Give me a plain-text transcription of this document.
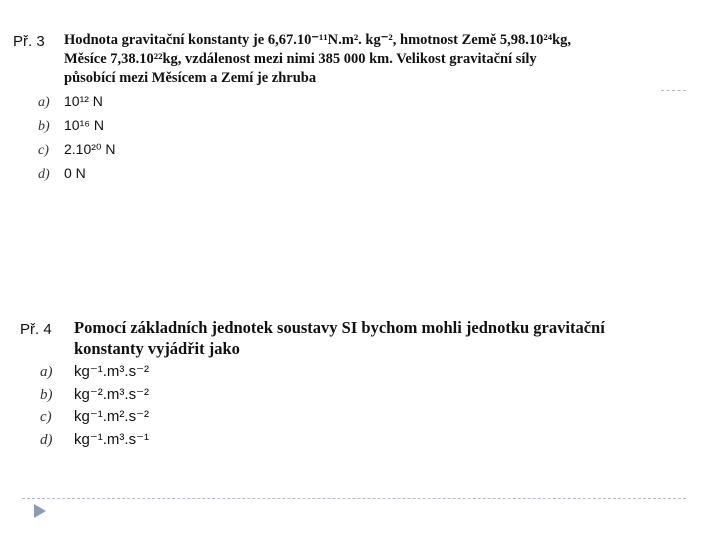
Př. 3 Hodnota gravitační konstanty je 6,67.10⁻¹¹N.m². kg⁻², hmotnost Země 5,98.10²⁴kg,
Měsíce 7,38.10²²kg, vzdálenost mezi nimi 385 000 km. Velikost gravitační síly
působící mezi Měsícem a Zemí je zhruba
a)	10¹² N
b)	10¹⁶ N
c)	2.10²⁰ N
d)	0 N
Př. 4 Pomocí základních jednotek soustavy SI bychom mohli jednotku gravitační
konstanty vyjádřit jako
a)	kg⁻¹.m³.s⁻²
b)	kg⁻².m³.s⁻²
c)	kg⁻¹.m².s⁻²
d)	kg⁻¹.m³.s⁻¹
